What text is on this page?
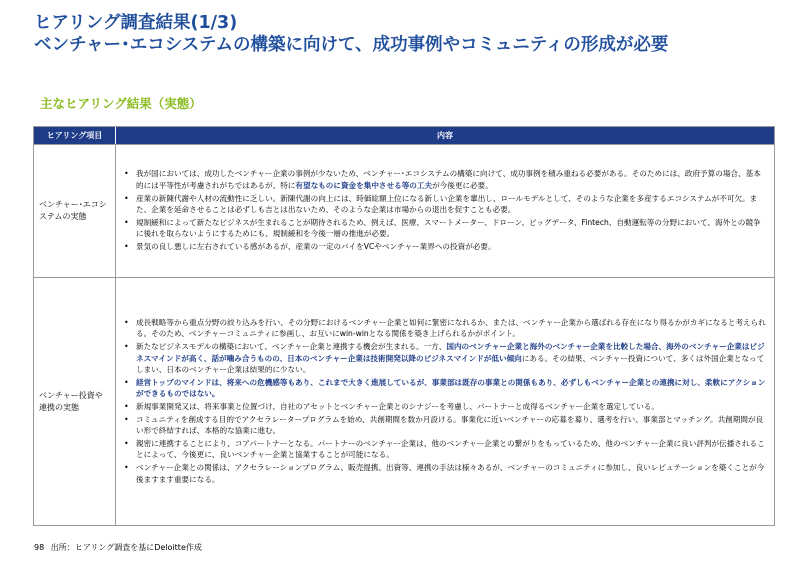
ヒアリング調査結果(1/3)
ベンチャー･エコシステムの構築に向けて、成功事例やコミュニティの形成が必要
主なヒアリング結果（実態）
ヒアリング項目	内容
ベンチャー･エコシステムの実態
• 我が国においては、成功したベンチャー企業の事例が少ないため、ベンチャー･エコシステムの構築に向けて、成功事例を積み重ねる必要がある。そのためには、政府予算の場合、基本的には平等性が考慮されがちではあるが、特に有望なものに資金を集中させる等の工夫が今後更に必要。
• 産業の新陳代謝や人材の流動性に乏しい。新陳代謝の向上には、時価総額上位になる新しい企業を輩出し、ロールモデルとして、そのような企業を多産するエコシステムが不可欠。また、企業を延命させることは必ずしも吉とは出ないため、そのような企業は市場からの退出を促すことも必要。
• 規制緩和によって新たなビジネスが生まれることが期待されるため、例えば、医療、スマートメーター、ドローン、ビッグデータ、Fintech、自動運転等の分野において、海外との競争に後れを取らないようにするためにも、規制緩和を今後一層の推進が必要。
• 景気の良し悪しに左右されている感があるが、産業の一定のパイをVCやベンチャー業界への投資が必要。
ベンチャー投資や連携の実態
• 成長戦略等から重点分野の絞り込みを行い、その分野におけるベンチャー企業と如何に緊密になれるか、または、ベンチャー企業から選ばれる存在になり得るかがカギになると考えられる。そのため、ベンチャーコミュニティに参画し、お互いにwin-winとなる関係を築き上げられるかがポイント。
• 新たなビジネスモデルの構築において、ベンチャー企業と連携する機会が生まれる。一方、国内のベンチャー企業と海外のベンチャー企業を比較した場合、海外のベンチャー企業はビジネスマインドが高く、話が噛み合うものの、日本のベンチャー企業は技術開発以降のビジネスマインドが低い傾向にある。その結果、ベンチャー投資について、多くは外国企業となってしまい、日本のベンチャー企業は結果的に少ない。
• 経営トップのマインドは、将来への危機感等もあり、これまで大きく進展しているが、事業部は既存の事業との関係もあり、必ずしもベンチャー企業との連携に対し、柔軟にアクションができるものではない。
• 新規事業開発又は、将来事業と位置づけ、自社のアセットとベンチャー企業とのシナジーを考慮し、パートナーと成得るベンチャー企業を選定している。
• コミュニティを創成する目的でアクセラレータープログラムを始め、共創期間を数か月設ける。事業化に近いベンチャーの応募を募り、選考を行い、事業部とマッチング。共創期間が良い形で終結すれば、本格的な協業に進む。
• 親密に連携することにより、コアパートナーとなる。パートナーのベンチャー企業は、他のベンチャー企業との繋がりをもっているため、他のベンチャー企業に良い評判が伝播されることによって、今後更に、良いベンチャー企業と協業することが可能になる。
• ベンチャー企業との関係は、アクセラレーションプログラム、販売提携、出資等、連携の手法は様々あるが、ベンチャーのコミュニティに参加し、良いレピュテーションを築くことが今後ますます重要になる。
98 出所：ヒアリング調査を基にDeloitte作成
